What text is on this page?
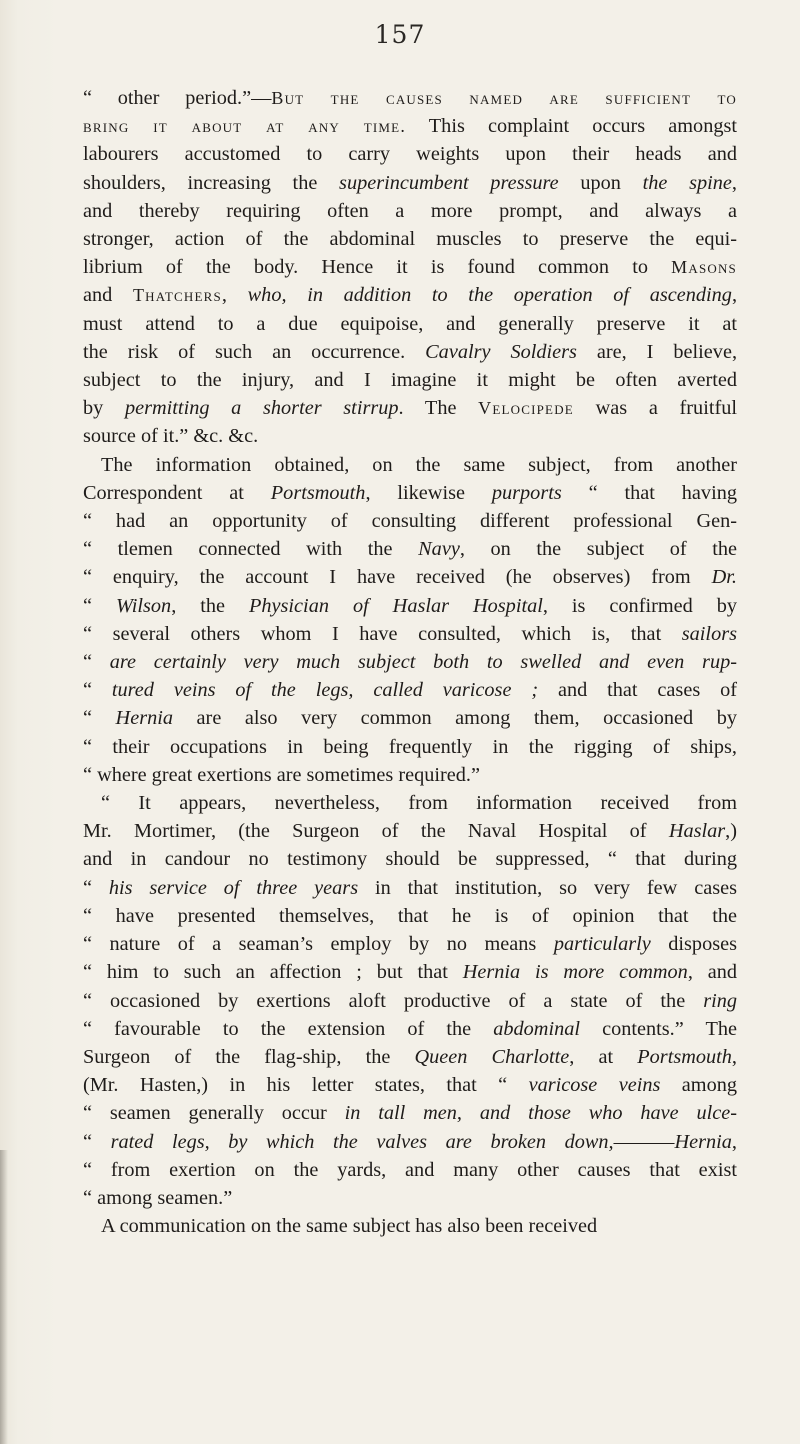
157
“ other period.”—But the causes named are sufficient to
bring it about at any time. This complaint occurs amongst
labourers accustomed to carry weights upon their heads and
shoulders, increasing the superincumbent pressure upon the spine,
and thereby requiring often a more prompt, and always a
stronger, action of the abdominal muscles to preserve the equi-
librium of the body. Hence it is found common to Masons
and Thatchers, who, in addition to the operation of ascending,
must attend to a due equipoise, and generally preserve it at
the risk of such an occurrence. Cavalry Soldiers are, I believe,
subject to the injury, and I imagine it might be often averted
by permitting a shorter stirrup. The Velocipede was a fruitful
source of it.” &c. &c.
The information obtained, on the same subject, from another
Correspondent at Portsmouth, likewise purports “ that having
“ had an opportunity of consulting different professional Gen-
“ tlemen connected with the Navy, on the subject of the
“ enquiry, the account I have received (he observes) from Dr.
“ Wilson, the Physician of Haslar Hospital, is confirmed by
“ several others whom I have consulted, which is, that sailors
“ are certainly very much subject both to swelled and even rup-
“ tured veins of the legs, called varicose ; and that cases of
“ Hernia are also very common among them, occasioned by
“ their occupations in being frequently in the rigging of ships,
“ where great exertions are sometimes required.”
“ It appears, nevertheless, from information received from
Mr. Mortimer, (the Surgeon of the Naval Hospital of Haslar,)
and in candour no testimony should be suppressed, “ that during
“ his service of three years in that institution, so very few cases
“ have presented themselves, that he is of opinion that the
“ nature of a seaman’s employ by no means particularly disposes
“ him to such an affection ; but that Hernia is more common, and
“ occasioned by exertions aloft productive of a state of the ring
“ favourable to the extension of the abdominal contents.” The
Surgeon of the flag-ship, the Queen Charlotte, at Portsmouth,
(Mr. Hasten,) in his letter states, that “ varicose veins among
“ seamen generally occur in tall men, and those who have ulce-
“ rated legs, by which the valves are broken down,———Hernia,
“ from exertion on the yards, and many other causes that exist
“ among seamen.”
A communication on the same subject has also been received
